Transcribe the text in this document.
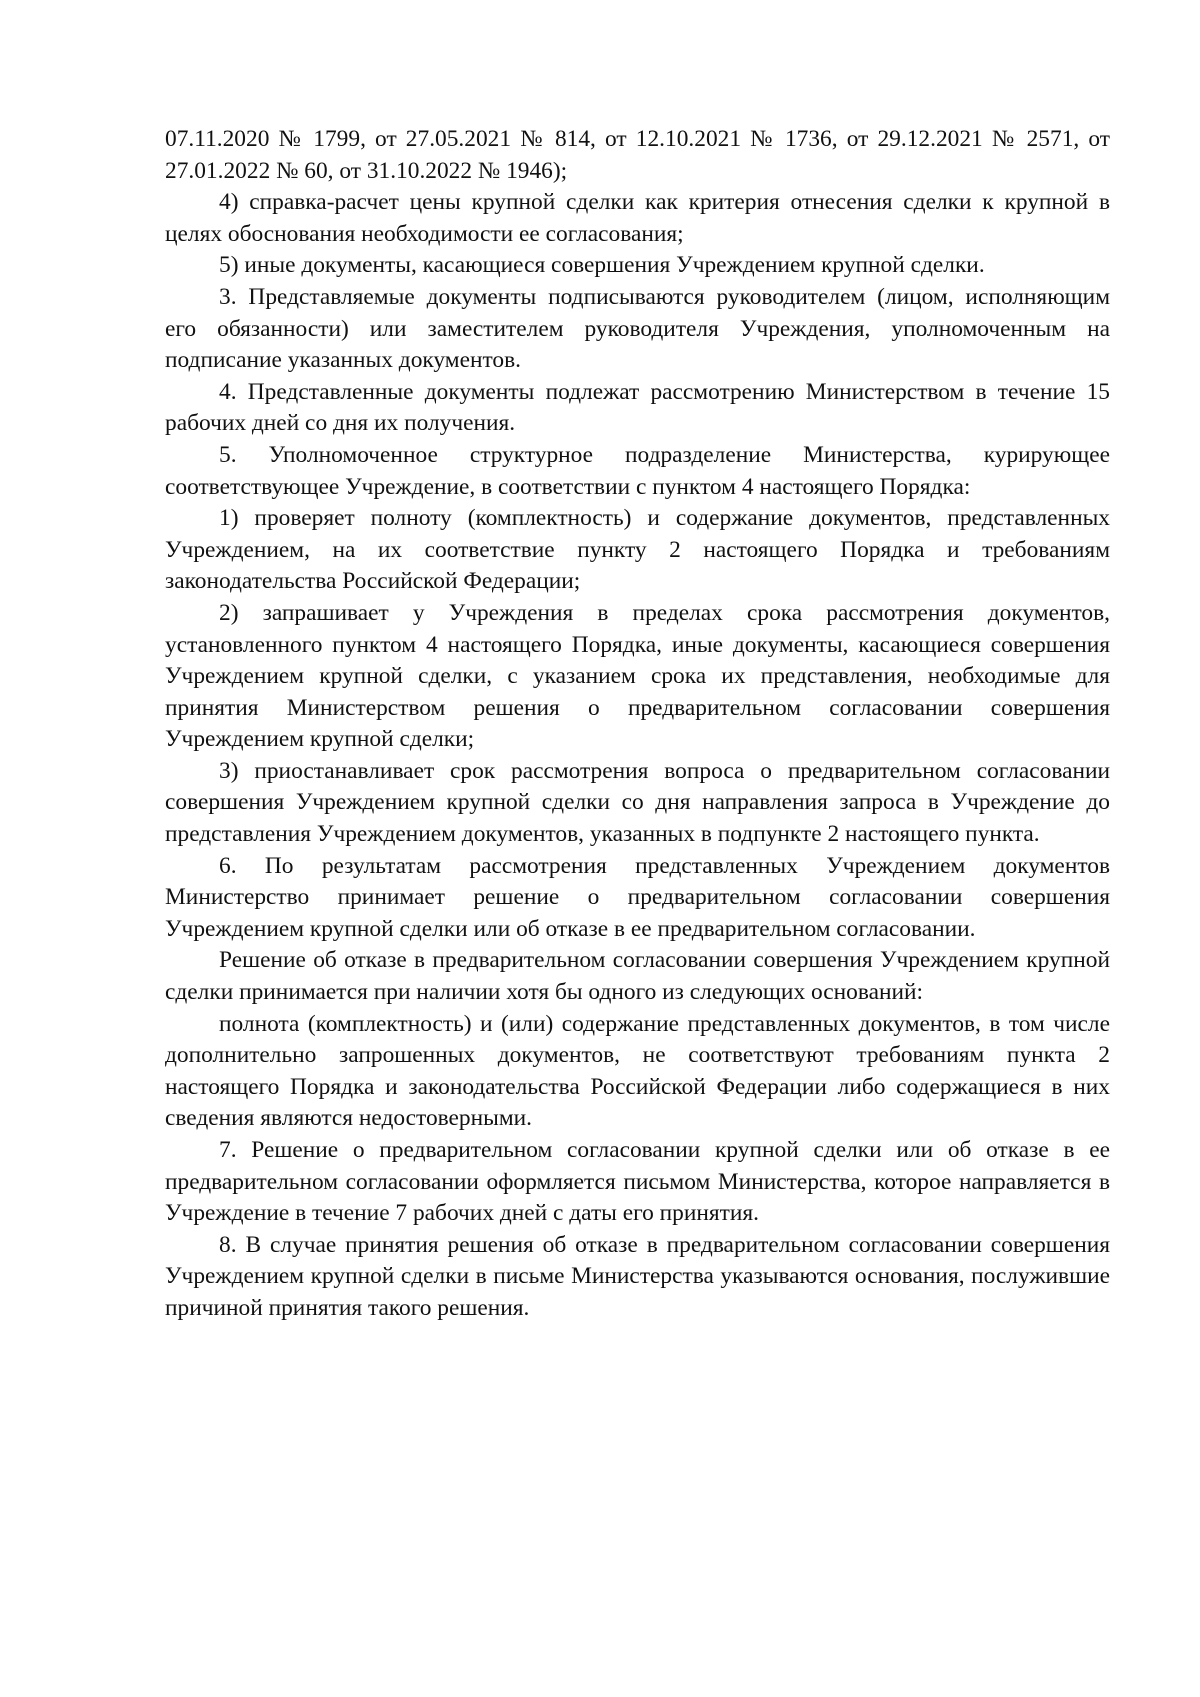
07.11.2020 № 1799, от 27.05.2021 № 814, от 12.10.2021 № 1736, от 29.12.2021 № 2571, от 27.01.2022 № 60, от 31.10.2022 № 1946);

4) справка-расчет цены крупной сделки как критерия отнесения сделки к крупной в целях обоснования необходимости ее согласования;

5) иные документы, касающиеся совершения Учреждением крупной сделки.

3. Представляемые документы подписываются руководителем (лицом, исполняющим его обязанности) или заместителем руководителя Учреждения, уполномоченным на подписание указанных документов.

4. Представленные документы подлежат рассмотрению Министерством в течение 15 рабочих дней со дня их получения.

5. Уполномоченное структурное подразделение Министерства, курирующее соответствующее Учреждение, в соответствии с пунктом 4 настоящего Порядка:

1) проверяет полноту (комплектность) и содержание документов, представленных Учреждением, на их соответствие пункту 2 настоящего Порядка и требованиям законодательства Российской Федерации;

2) запрашивает у Учреждения в пределах срока рассмотрения документов, установленного пунктом 4 настоящего Порядка, иные документы, касающиеся совершения Учреждением крупной сделки, с указанием срока их представления, необходимые для принятия Министерством решения о предварительном согласовании совершения Учреждением крупной сделки;

3) приостанавливает срок рассмотрения вопроса о предварительном согласовании совершения Учреждением крупной сделки со дня направления запроса в Учреждение до представления Учреждением документов, указанных в подпункте 2 настоящего пункта.

6. По результатам рассмотрения представленных Учреждением документов Министерство принимает решение о предварительном согласовании совершения Учреждением крупной сделки или об отказе в ее предварительном согласовании.

Решение об отказе в предварительном согласовании совершения Учреждением крупной сделки принимается при наличии хотя бы одного из следующих оснований:

полнота (комплектность) и (или) содержание представленных документов, в том числе дополнительно запрошенных документов, не соответствуют требованиям пункта 2 настоящего Порядка и законодательства Российской Федерации либо содержащиеся в них сведения являются недостоверными.

7. Решение о предварительном согласовании крупной сделки или об отказе в ее предварительном согласовании оформляется письмом Министерства, которое направляется в Учреждение в течение 7 рабочих дней с даты его принятия.

8. В случае принятия решения об отказе в предварительном согласовании совершения Учреждением крупной сделки в письме Министерства указываются основания, послужившие причиной принятия такого решения.
